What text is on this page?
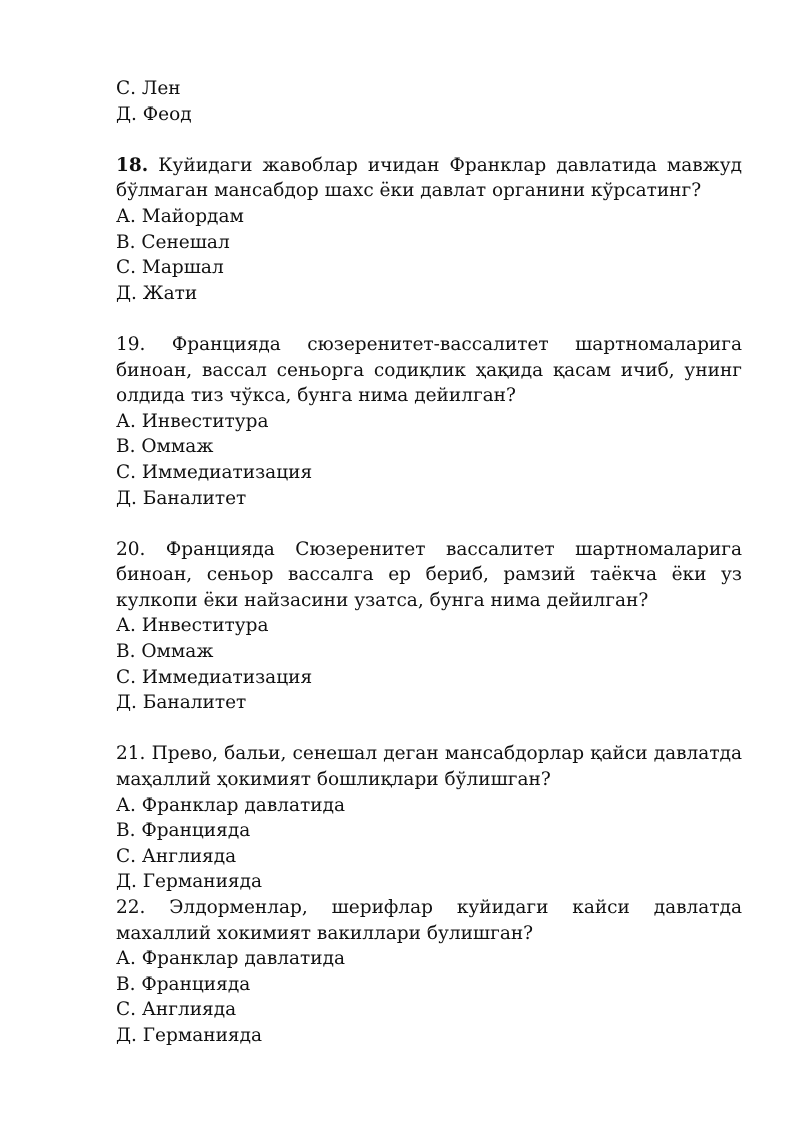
С. Лен
Д. Феод
18. Куйидаги жавоблар ичидан Франклар давлатида мавжуд
бўлмаган мансабдор шахс ёки давлат органини кўрсатинг?
А. Майордам
В. Сенешал
С. Маршал
Д. Жати
19. Францияда сюзеренитет-вассалитет шартномаларига
биноан, вассал сеньорга содиқлик ҳақида қасам ичиб, унинг
олдида тиз чўкса, бунга нима дейилган?
А. Инвеститура
В. Оммаж
С. Иммедиатизация
Д. Баналитет
20. Францияда Сюзеренитет вассалитет шартномаларига
биноан, сеньор вассалга ер бериб, рамзий таёкча ёки уз
кулкопи ёки найзасини узатса, бунга нима дейилган?
А. Инвеститура
В. Оммаж
С. Иммедиатизация
Д. Баналитет
21. Прево, бальи, сенешал деган мансабдорлар қайси давлатда
маҳаллий ҳокимият бошлиқлари бўлишган?
А. Франклар давлатида
В. Францияда
С. Англияда
Д. Германияда
22. Элдорменлар, шерифлар куйидаги кайси давлатда
махаллий хокимият вакиллари булишган?
А. Франклар давлатида
В. Францияда
С. Англияда
Д. Германияда
